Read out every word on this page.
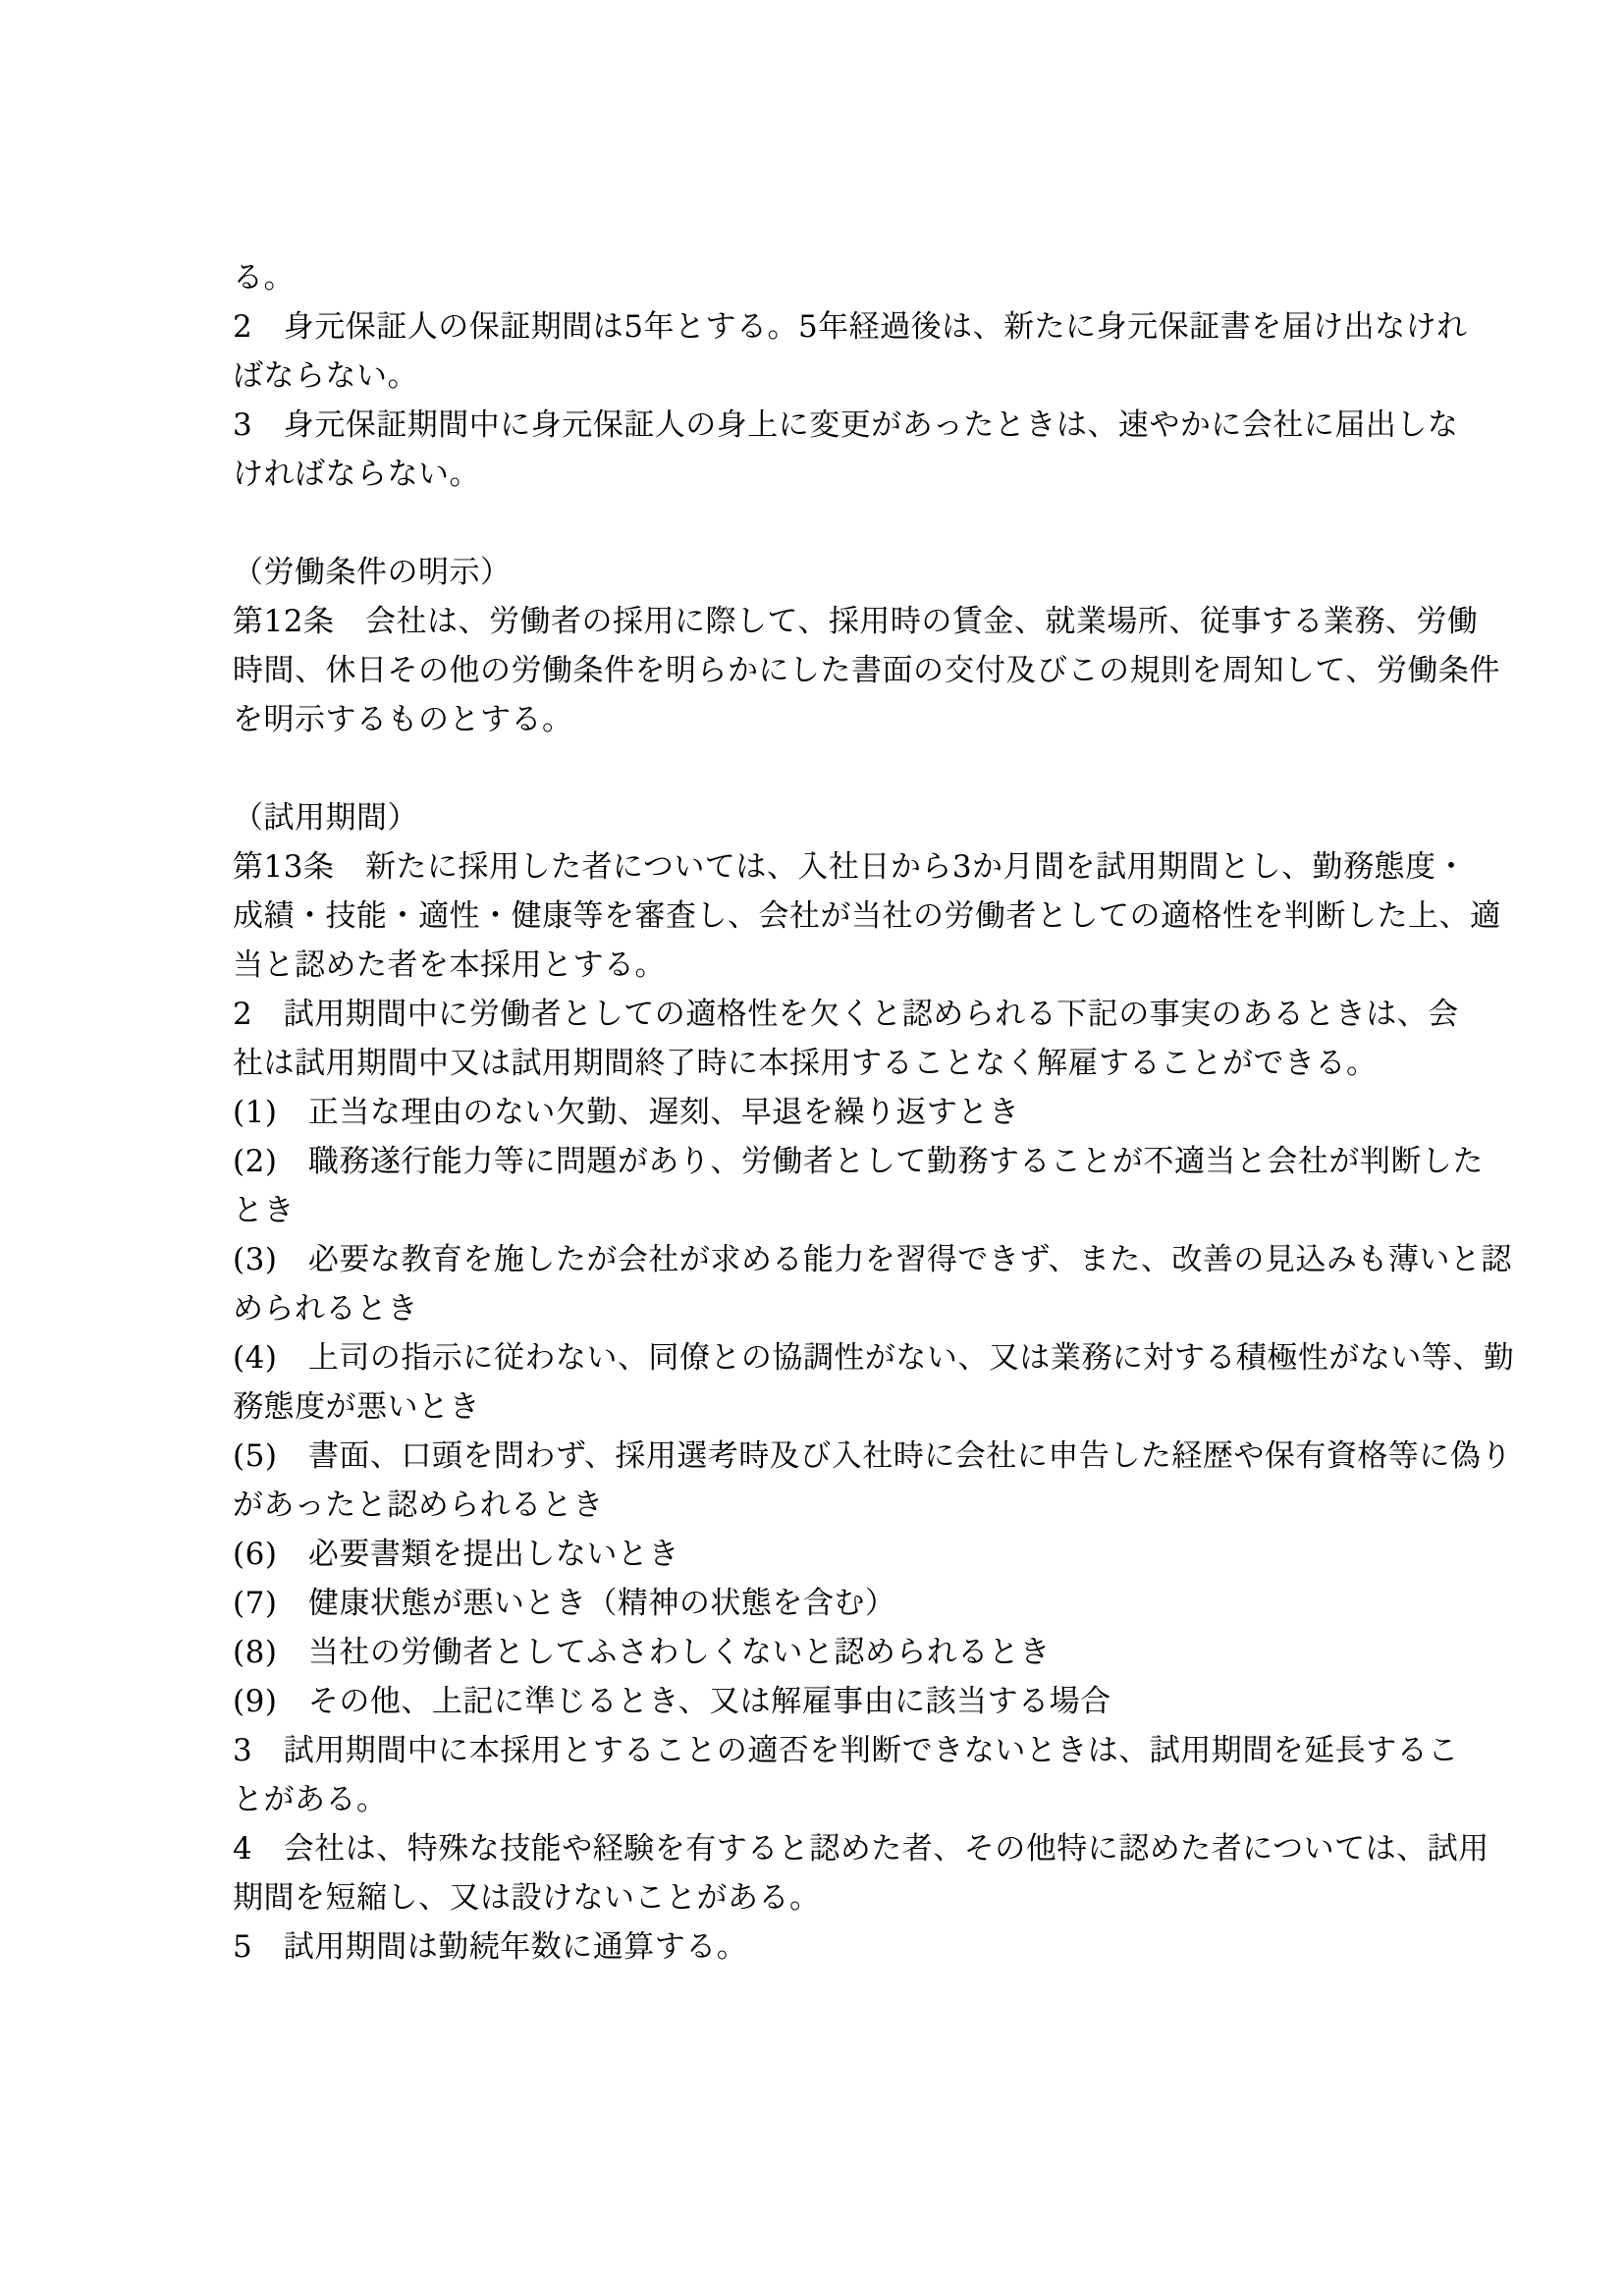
る。
2　身元保証人の保証期間は5年とする。5年経過後は、新たに身元保証書を届け出なけれ
ばならない。
3　身元保証期間中に身元保証人の身上に変更があったときは、速やかに会社に届出しな
ければならない。
（労働条件の明示）
第12条　会社は、労働者の採用に際して、採用時の賃金、就業場所、従事する業務、労働
時間、休日その他の労働条件を明らかにした書面の交付及びこの規則を周知して、労働条件
を明示するものとする。
（試用期間）
第13条　新たに採用した者については、入社日から3か月間を試用期間とし、勤務態度・
成績・技能・適性・健康等を審査し、会社が当社の労働者としての適格性を判断した上、適
当と認めた者を本採用とする。
2　試用期間中に労働者としての適格性を欠くと認められる下記の事実のあるときは、会
社は試用期間中又は試用期間終了時に本採用することなく解雇することができる。
(1)　正当な理由のない欠勤、遅刻、早退を繰り返すとき
(2)　職務遂行能力等に問題があり、労働者として勤務することが不適当と会社が判断した
とき
(3)　必要な教育を施したが会社が求める能力を習得できず、また、改善の見込みも薄いと認
められるとき
(4)　上司の指示に従わない、同僚との協調性がない、又は業務に対する積極性がない等、勤
務態度が悪いとき
(5)　書面、口頭を問わず、採用選考時及び入社時に会社に申告した経歴や保有資格等に偽り
があったと認められるとき
(6)　必要書類を提出しないとき
(7)　健康状態が悪いとき（精神の状態を含む）
(8)　当社の労働者としてふさわしくないと認められるとき
(9)　その他、上記に準じるとき、又は解雇事由に該当する場合
3　試用期間中に本採用とすることの適否を判断できないときは、試用期間を延長するこ
とがある。
4　会社は、特殊な技能や経験を有すると認めた者、その他特に認めた者については、試用
期間を短縮し、又は設けないことがある。
5　試用期間は勤続年数に通算する。
